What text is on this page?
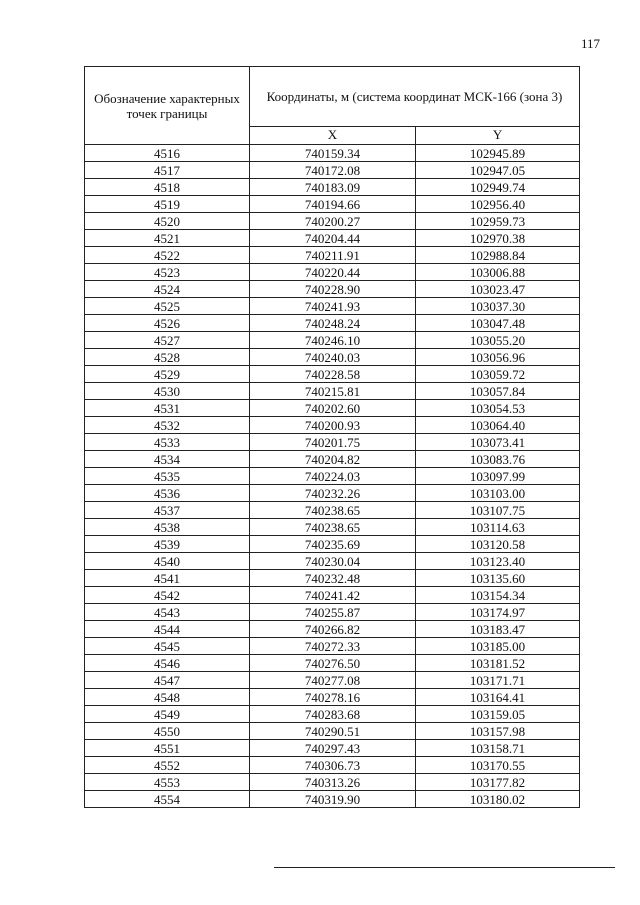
117
Обозначение характерных точек границы	Координаты, м (система координат МСК-166 (зона 3)	
	X	Y
4516	740159.34	102945.89
4517	740172.08	102947.05
4518	740183.09	102949.74
4519	740194.66	102956.40
4520	740200.27	102959.73
4521	740204.44	102970.38
4522	740211.91	102988.84
4523	740220.44	103006.88
4524	740228.90	103023.47
4525	740241.93	103037.30
4526	740248.24	103047.48
4527	740246.10	103055.20
4528	740240.03	103056.96
4529	740228.58	103059.72
4530	740215.81	103057.84
4531	740202.60	103054.53
4532	740200.93	103064.40
4533	740201.75	103073.41
4534	740204.82	103083.76
4535	740224.03	103097.99
4536	740232.26	103103.00
4537	740238.65	103107.75
4538	740238.65	103114.63
4539	740235.69	103120.58
4540	740230.04	103123.40
4541	740232.48	103135.60
4542	740241.42	103154.34
4543	740255.87	103174.97
4544	740266.82	103183.47
4545	740272.33	103185.00
4546	740276.50	103181.52
4547	740277.08	103171.71
4548	740278.16	103164.41
4549	740283.68	103159.05
4550	740290.51	103157.98
4551	740297.43	103158.71
4552	740306.73	103170.55
4553	740313.26	103177.82
4554	740319.90	103180.02
